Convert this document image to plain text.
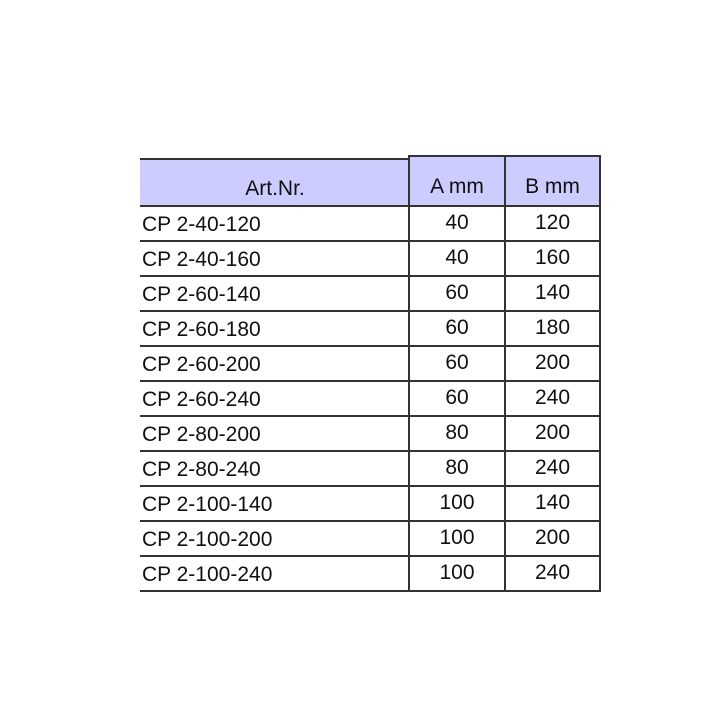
Art.Nr.	A mm	B mm
CP 2-40-120	40	120
CP 2-40-160	40	160
CP 2-60-140	60	140
CP 2-60-180	60	180
CP 2-60-200	60	200
CP 2-60-240	60	240
CP 2-80-200	80	200
CP 2-80-240	80	240
CP 2-100-140	100	140
CP 2-100-200	100	200
CP 2-100-240	100	240
